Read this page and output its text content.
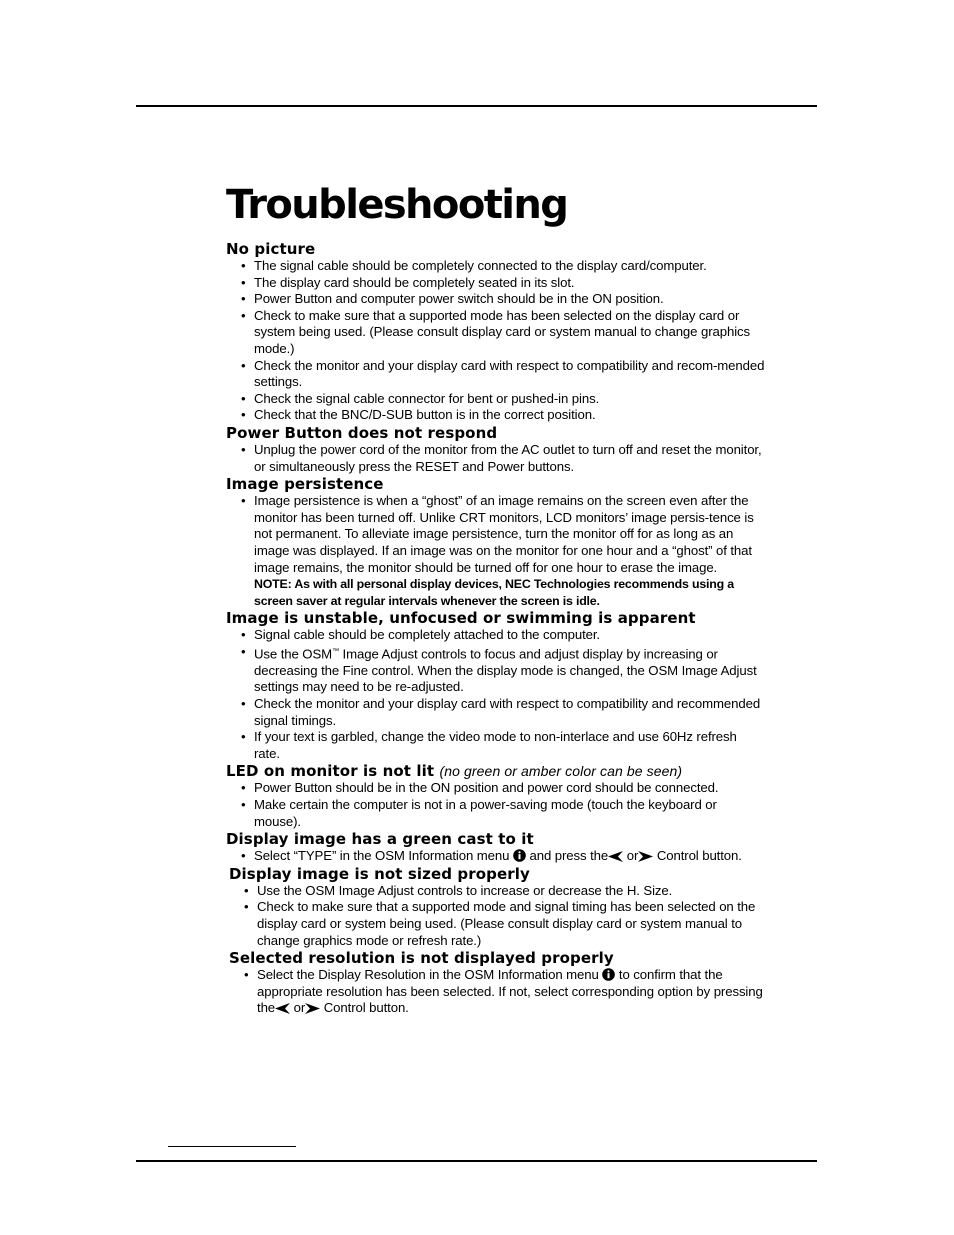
Troubleshooting
No picture
• The signal cable should be completely connected to the display card/computer.
• The display card should be completely seated in its slot.
• Power Button and computer power switch should be in the ON position.
• Check to make sure that a supported mode has been selected on the display card or system being used. (Please consult display card or system manual to change graphics mode.)
• Check the monitor and your display card with respect to compatibility and recom-mended settings.
• Check the signal cable connector for bent or pushed-in pins.
• Check that the BNC/D-SUB button is in the correct position.
Power Button does not respond
• Unplug the power cord of the monitor from the AC outlet to turn off and reset the monitor, or simultaneously press the RESET and Power buttons.
Image persistence
• Image persistence is when a “ghost” of an image remains on the screen even after the monitor has been turned off. Unlike CRT monitors, LCD monitors’ image persis-tence is not permanent. To alleviate image persistence, turn the monitor off for as long as an image was displayed. If an image was on the monitor for one hour and a “ghost” of that image remains, the monitor should be turned off for one hour to erase the image.
NOTE: As with all personal display devices, NEC Technologies recommends using a screen saver at regular intervals whenever the screen is idle.
Image is unstable, unfocused or swimming is apparent
• Signal cable should be completely attached to the computer.
• Use the OSM™ Image Adjust controls to focus and adjust display by increasing or decreasing the Fine control. When the display mode is changed, the OSM Image Adjust settings may need to be re-adjusted.
• Check the monitor and your display card with respect to compatibility and recommended signal timings.
• If your text is garbled, change the video mode to non-interlace and use 60Hz refresh rate.
LED on monitor is not lit (no green or amber color can be seen)
• Power Button should be in the ON position and power cord should be connected.
• Make certain the computer is not in a power-saving mode (touch the keyboard or mouse).
Display image has a green cast to it
• Select “TYPE” in the OSM Information menu and press the or Control button.
Display image is not sized properly
• Use the OSM Image Adjust controls to increase or decrease the H. Size.
• Check to make sure that a supported mode and signal timing has been selected on the display card or system being used. (Please consult display card or system manual to change graphics mode or refresh rate.)
Selected resolution is not displayed properly
• Select the Display Resolution in the OSM Information menu to confirm that the appropriate resolution has been selected. If not, select corresponding option by pressing the or Control button.
